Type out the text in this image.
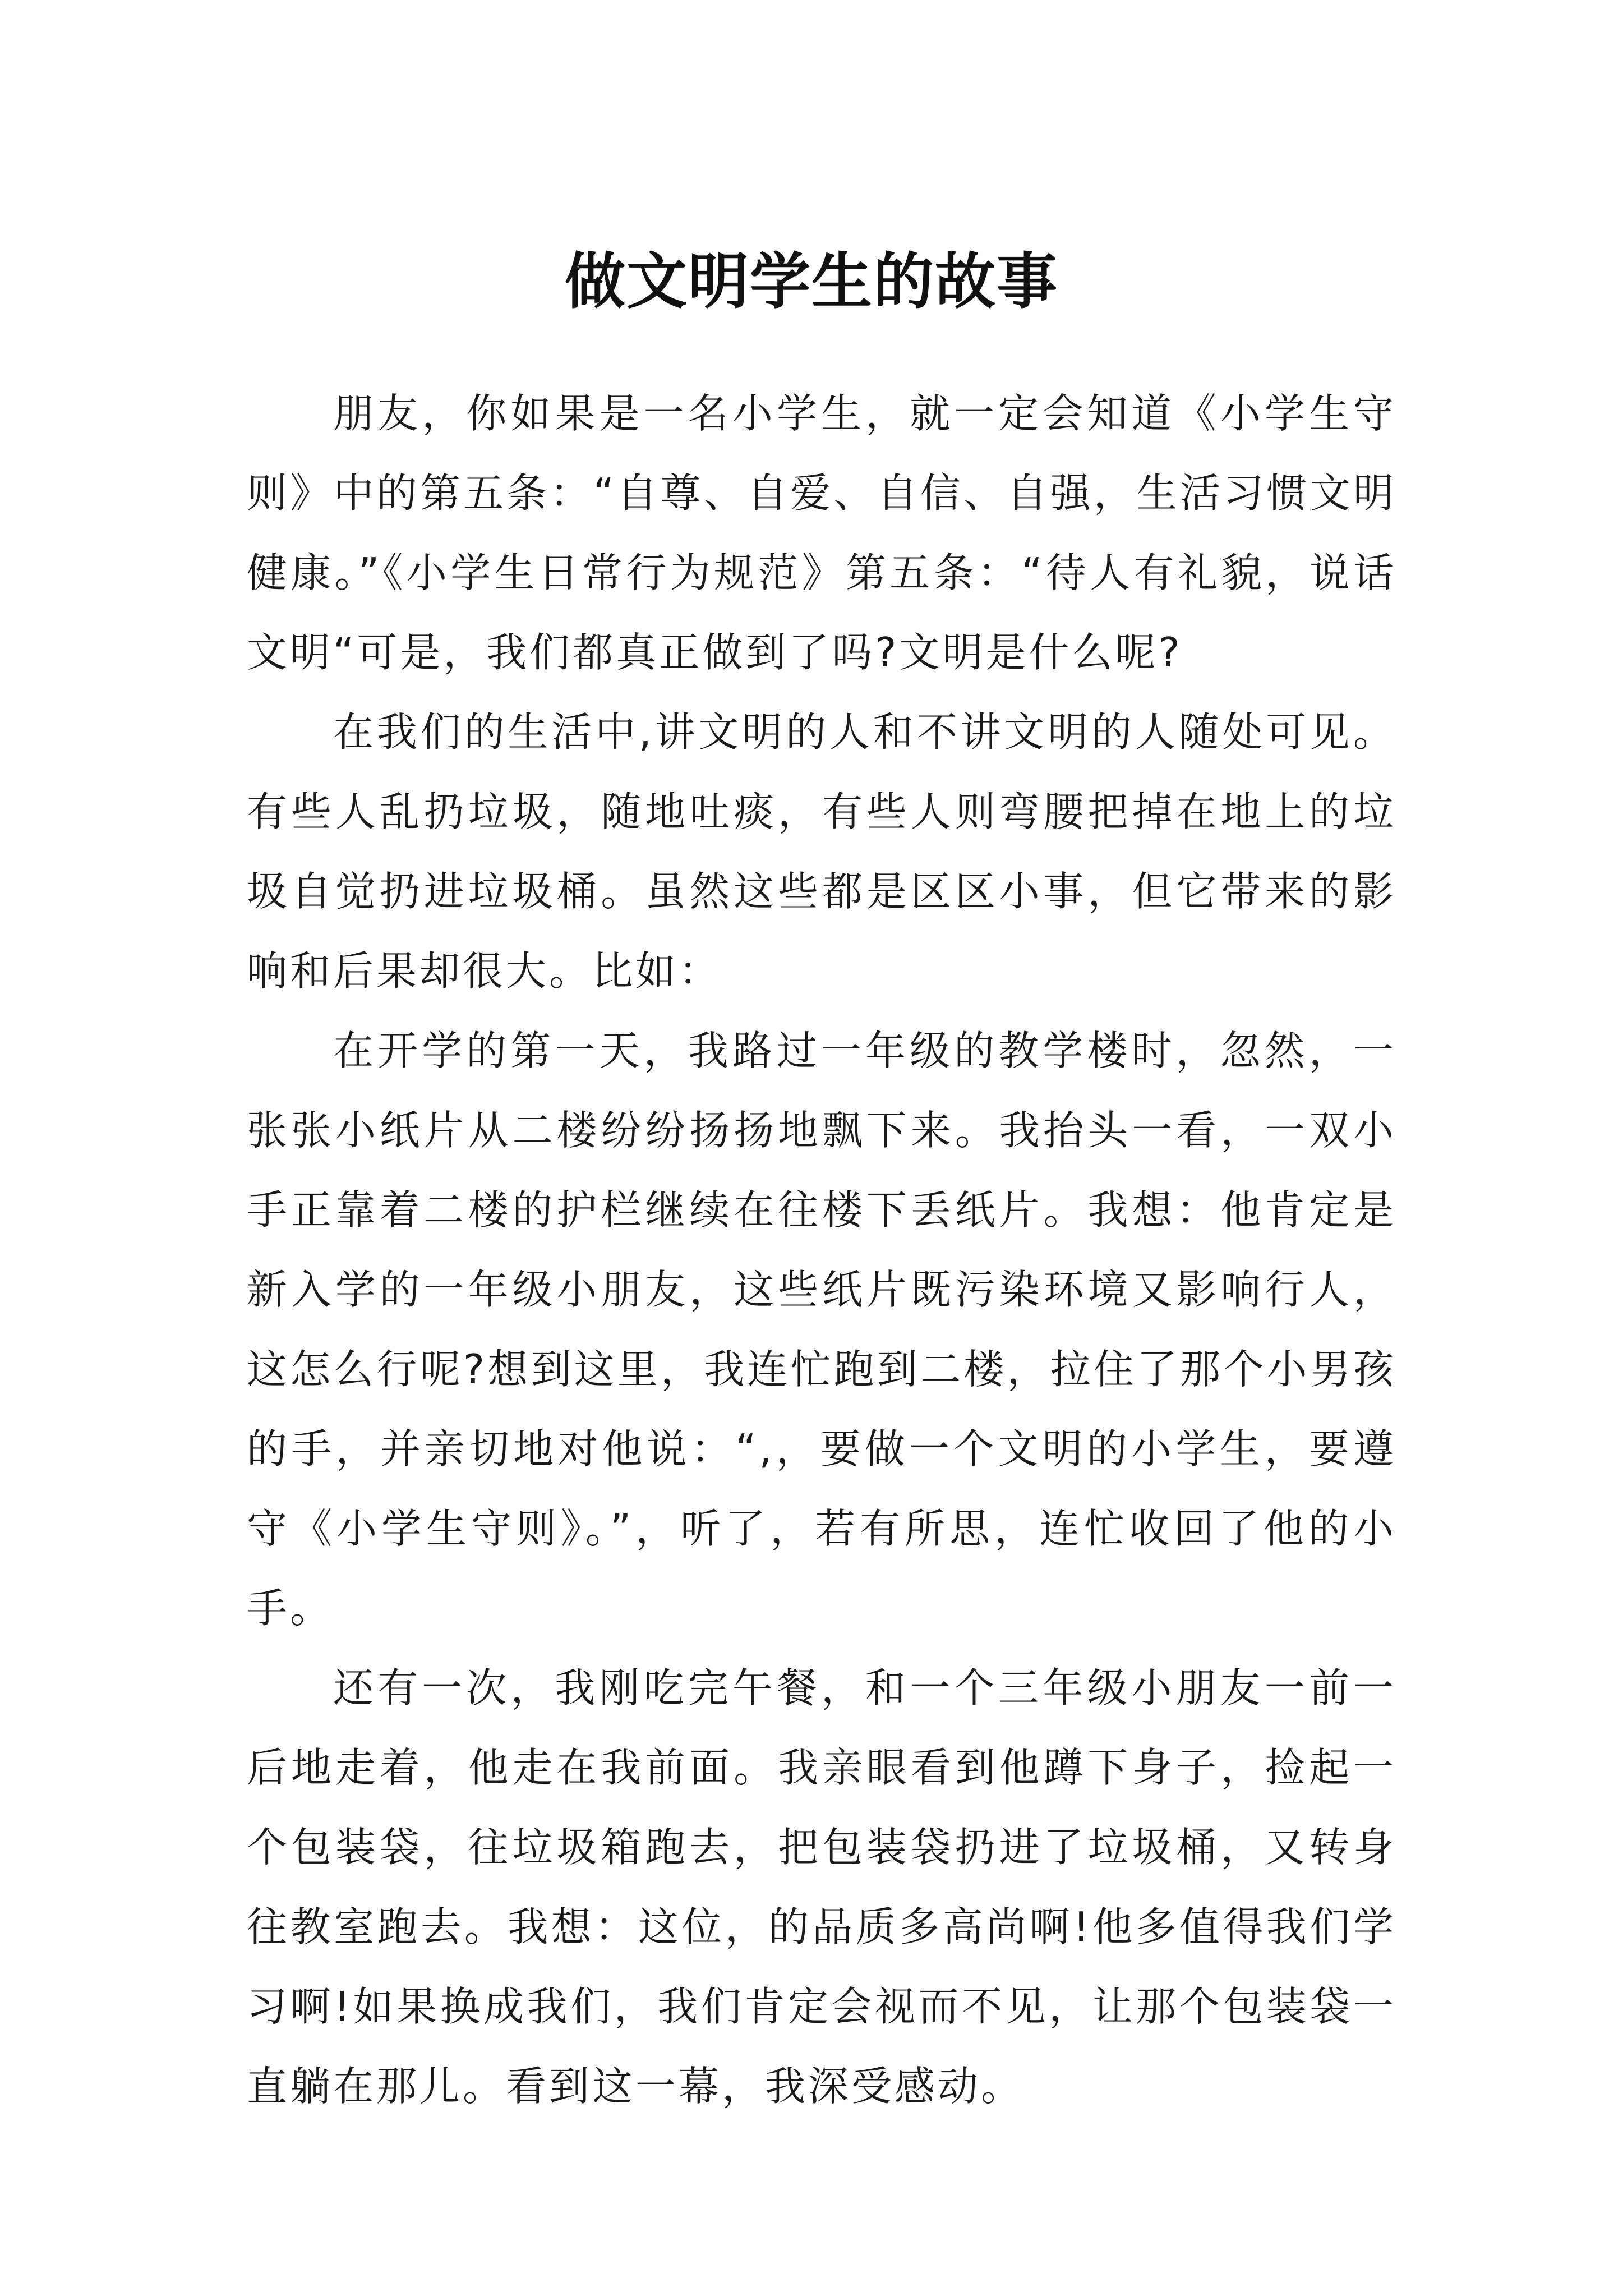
做文明学生的故事

朋友，你如果是一名小学生，就一定会知道《小学生守则》中的第五条：“自尊、自爱、自信、自强，生活习惯文明健康。”《小学生日常行为规范》第五条：“待人有礼貌，说话文明“可是，我们都真正做到了吗?文明是什么呢?

在我们的生活中,讲文明的人和不讲文明的人随处可见。有些人乱扔垃圾，随地吐痰，有些人则弯腰把掉在地上的垃圾自觉扔进垃圾桶。虽然这些都是区区小事，但它带来的影响和后果却很大。比如：

在开学的第一天，我路过一年级的教学楼时，忽然，一张张小纸片从二楼纷纷扬扬地飘下来。我抬头一看，一双小手正靠着二楼的护栏继续在往楼下丢纸片。我想：他肯定是新入学的一年级小朋友，这些纸片既污染环境又影响行人，这怎么行呢?想到这里，我连忙跑到二楼，拉住了那个小男孩的手，并亲切地对他说：“,，要做一个文明的小学生，要遵守《小学生守则》。”，听了，若有所思，连忙收回了他的小手。

还有一次，我刚吃完午餐，和一个三年级小朋友一前一后地走着，他走在我前面。我亲眼看到他蹲下身子，捡起一个包装袋，往垃圾箱跑去，把包装袋扔进了垃圾桶，又转身往教室跑去。我想：这位，的品质多高尚啊!他多值得我们学习啊!如果换成我们，我们肯定会视而不见，让那个包装袋一直躺在那儿。看到这一幕，我深受感动。
